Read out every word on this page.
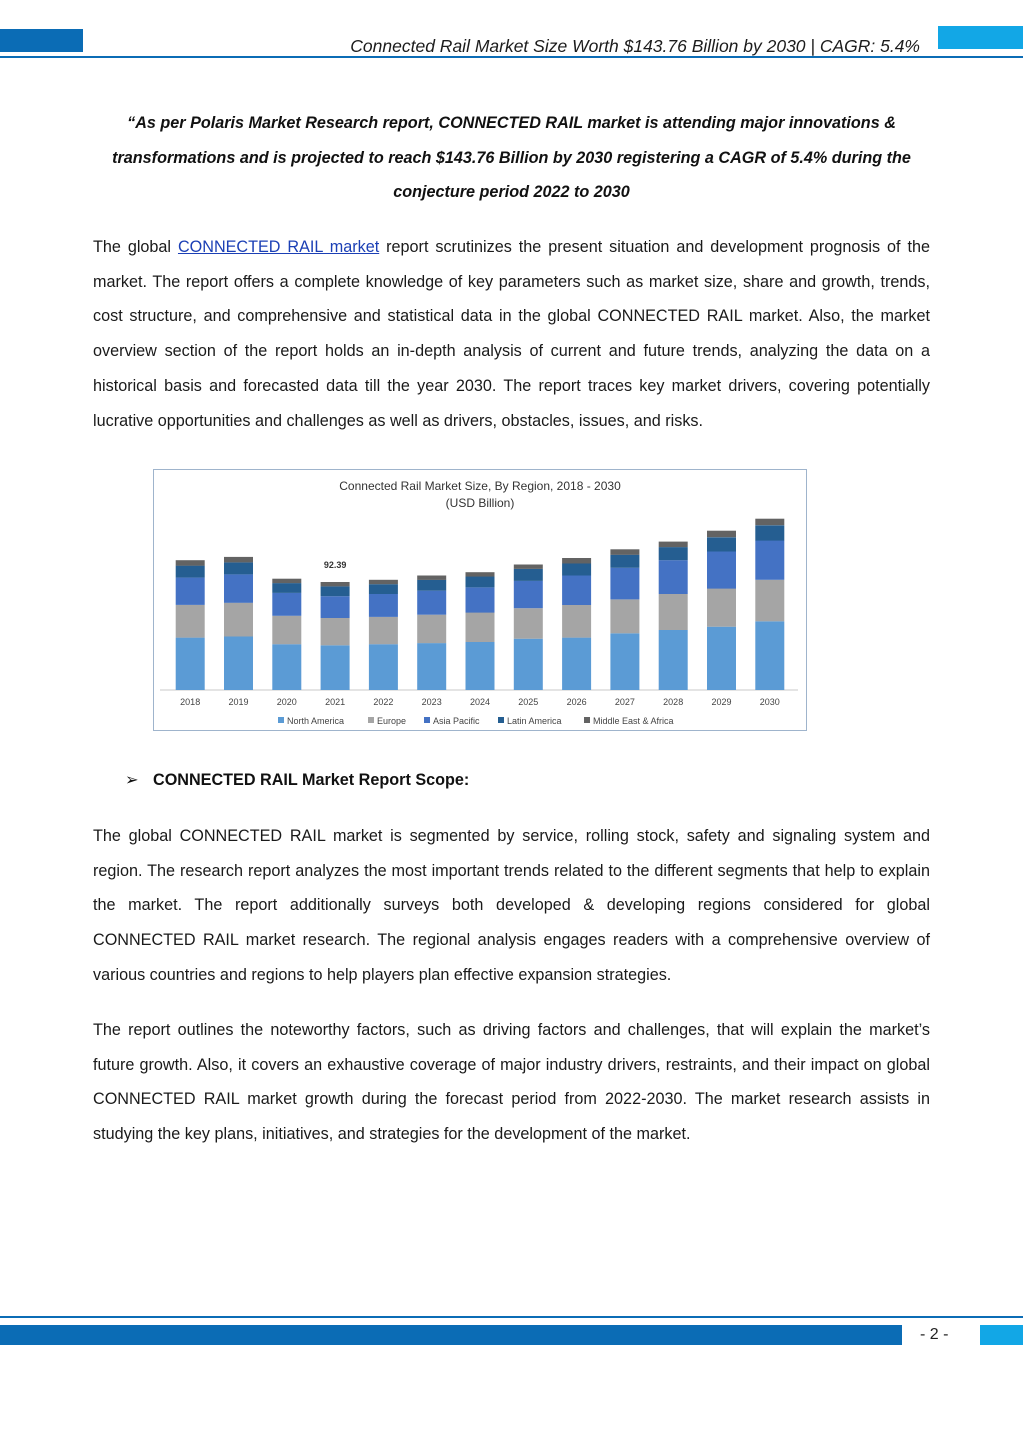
Connected Rail Market Size Worth $143.76 Billion by 2030 | CAGR: 5.4%
“As per Polaris Market Research report, CONNECTED RAIL market is attending major innovations & transformations and is projected to reach $143.76 Billion by 2030 registering a CAGR of 5.4% during the conjecture period 2022 to 2030
The global CONNECTED RAIL market report scrutinizes the present situation and development prognosis of the market. The report offers a complete knowledge of key parameters such as market size, share and growth, trends, cost structure, and comprehensive and statistical data in the global CONNECTED RAIL market. Also, the market overview section of the report holds an in-depth analysis of current and future trends, analyzing the data on a historical basis and forecasted data till the year 2030. The report traces key market drivers, covering potentially lucrative opportunities and challenges as well as drivers, obstacles, issues, and risks.
Connected Rail Market Size, By Region, 2018 - 2030
(USD Billion)
2018	2019	2020	2021
92.39
2022	2023	2024	2025	2026	2027	2028	2029	2030
North America	Europe	Asia Pacific	Latin America	Middle East & Africa
➢ CONNECTED RAIL Market Report Scope:
The global CONNECTED RAIL market is segmented by service, rolling stock, safety and signaling system and region. The research report analyzes the most important trends related to the different segments that help to explain the market. The report additionally surveys both developed & developing regions considered for global CONNECTED RAIL market research. The regional analysis engages readers with a comprehensive overview of various countries and regions to help players plan effective expansion strategies.
The report outlines the noteworthy factors, such as driving factors and challenges, that will explain the market’s future growth. Also, it covers an exhaustive coverage of major industry drivers, restraints, and their impact on global CONNECTED RAIL market growth during the forecast period from 2022-2030. The market research assists in studying the key plans, initiatives, and strategies for the development of the market.
- 2 -
